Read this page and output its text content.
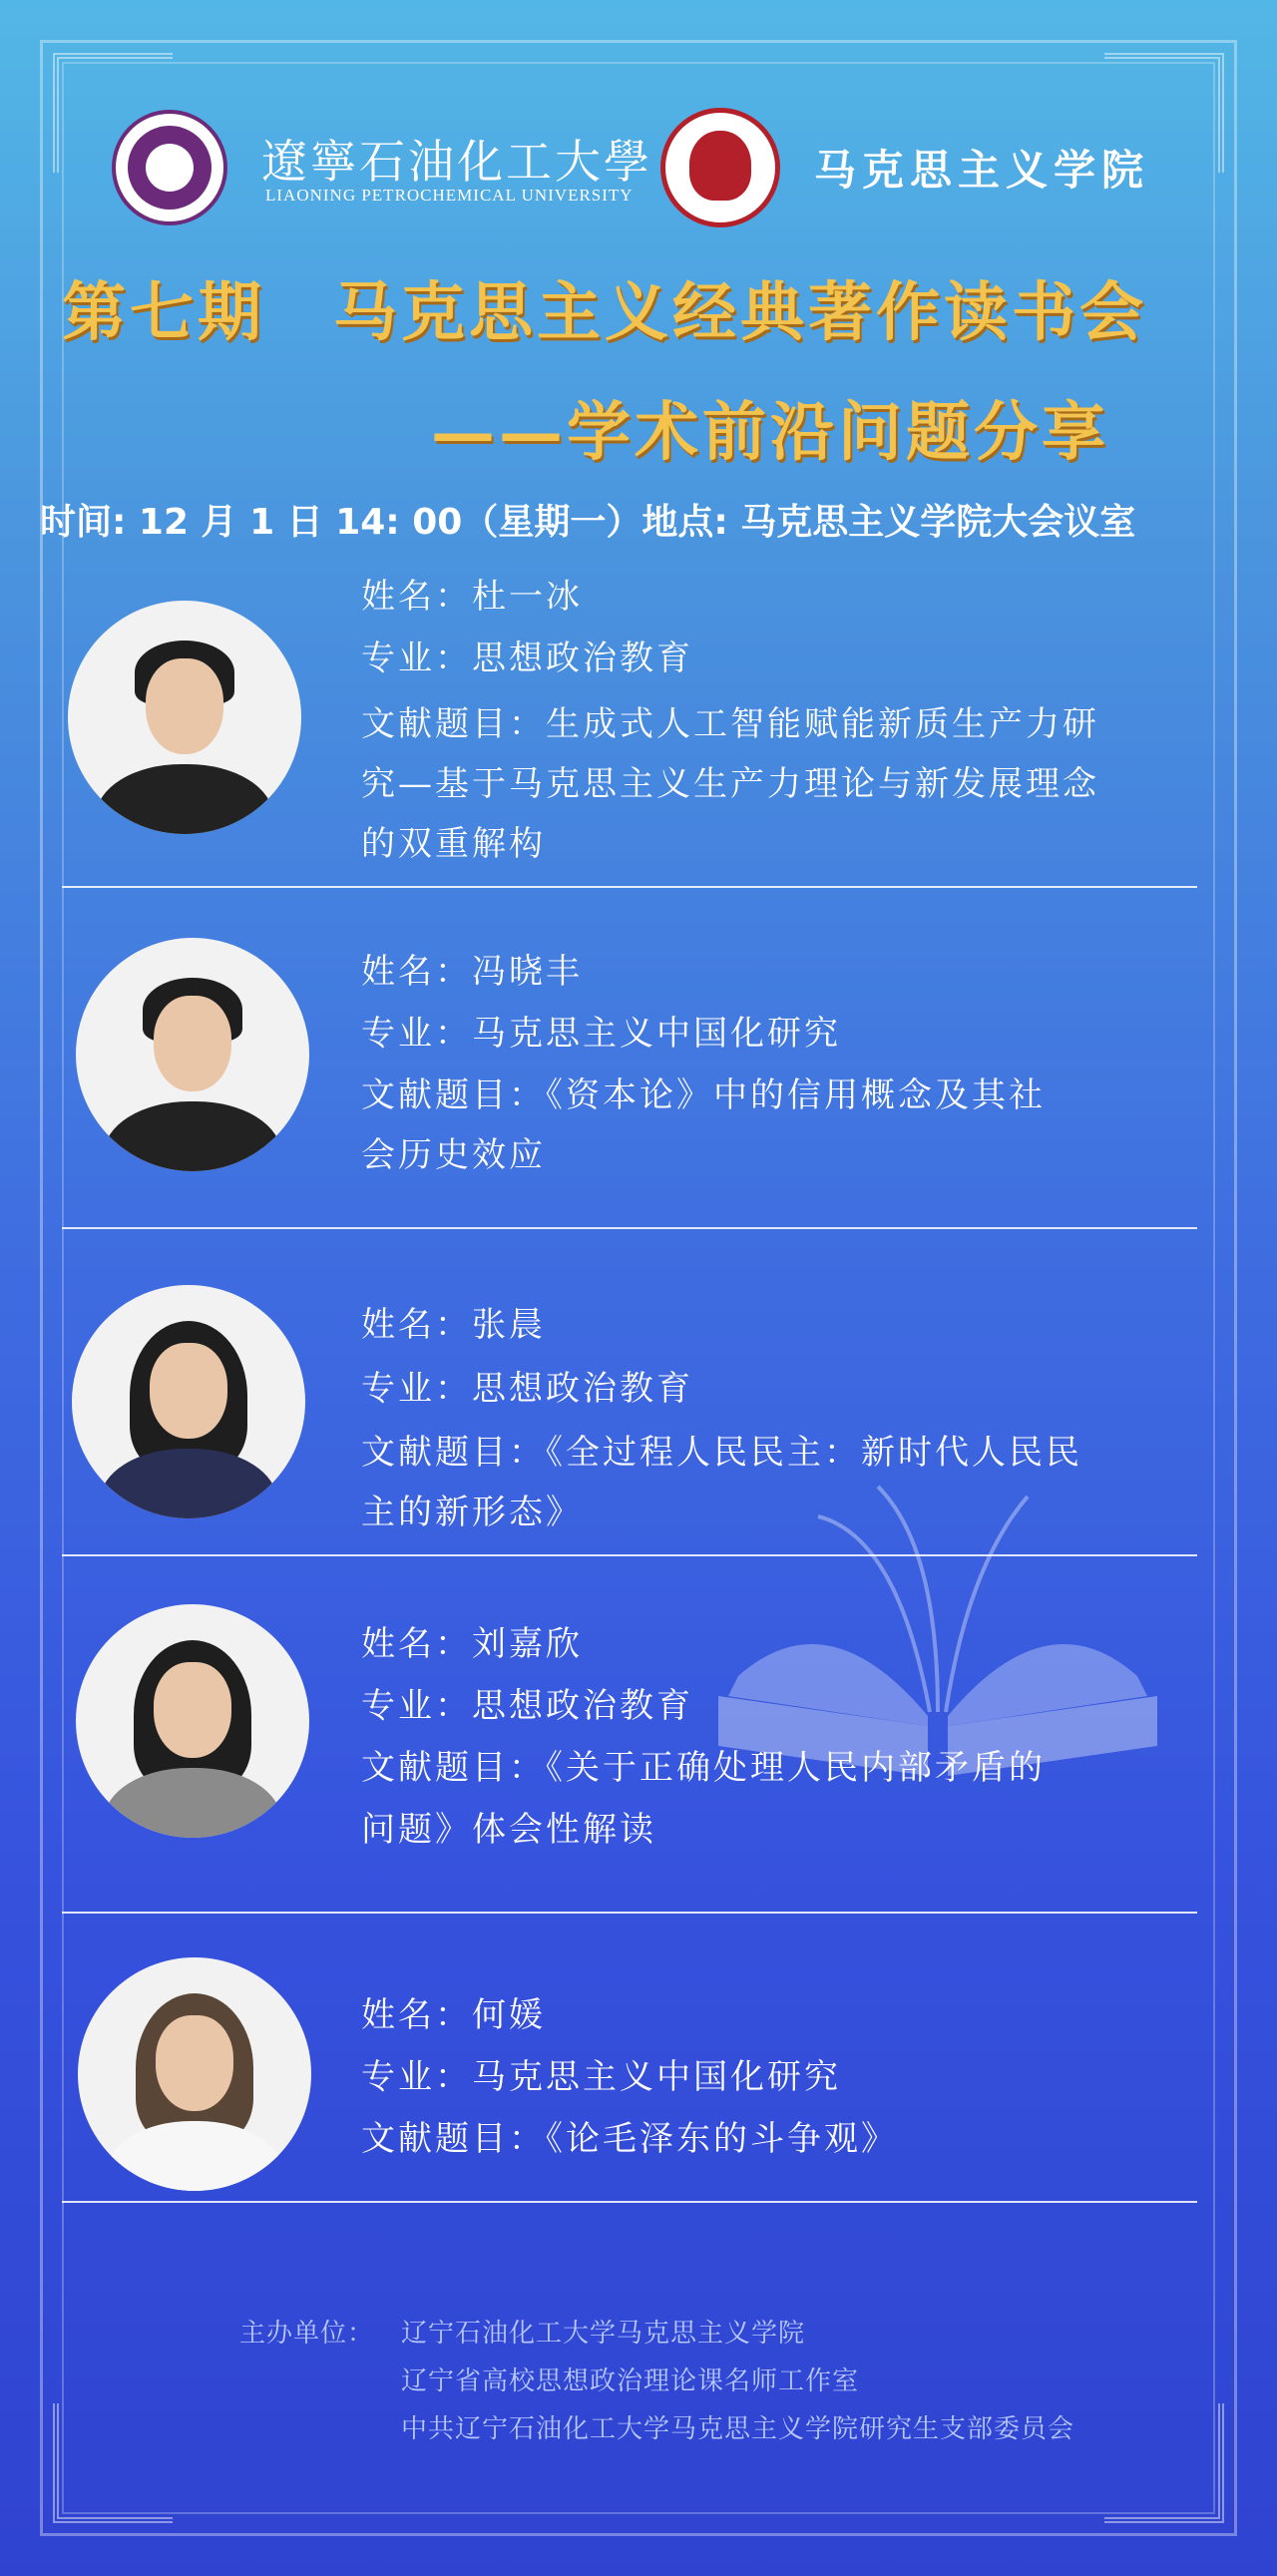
遼寧石油化工大學
LIAONING PETROCHEMICAL UNIVERSITY
马克思主义学院
第七期　马克思主义经典著作读书会
——学术前沿问题分享
时间: 12 月 1 日 14: 00（星期一）地点: 马克思主义学院大会议室
姓名：杜一冰
专业：思想政治教育
文献题目：生成式人工智能赋能新质生产力研
究—基于马克思主义生产力理论与新发展理念
的双重解构
姓名：冯晓丰
专业：马克思主义中国化研究
文献题目：《资本论》中的信用概念及其社
会历史效应
姓名：张晨
专业：思想政治教育
文献题目：《全过程人民民主：新时代人民民
主的新形态》
姓名：刘嘉欣
专业：思想政治教育
文献题目：《关于正确处理人民内部矛盾的
问题》体会性解读
姓名：何媛
专业：马克思主义中国化研究
文献题目：《论毛泽东的斗争观》
主办单位： 辽宁石油化工大学马克思主义学院
辽宁省高校思想政治理论课名师工作室
中共辽宁石油化工大学马克思主义学院研究生支部委员会
